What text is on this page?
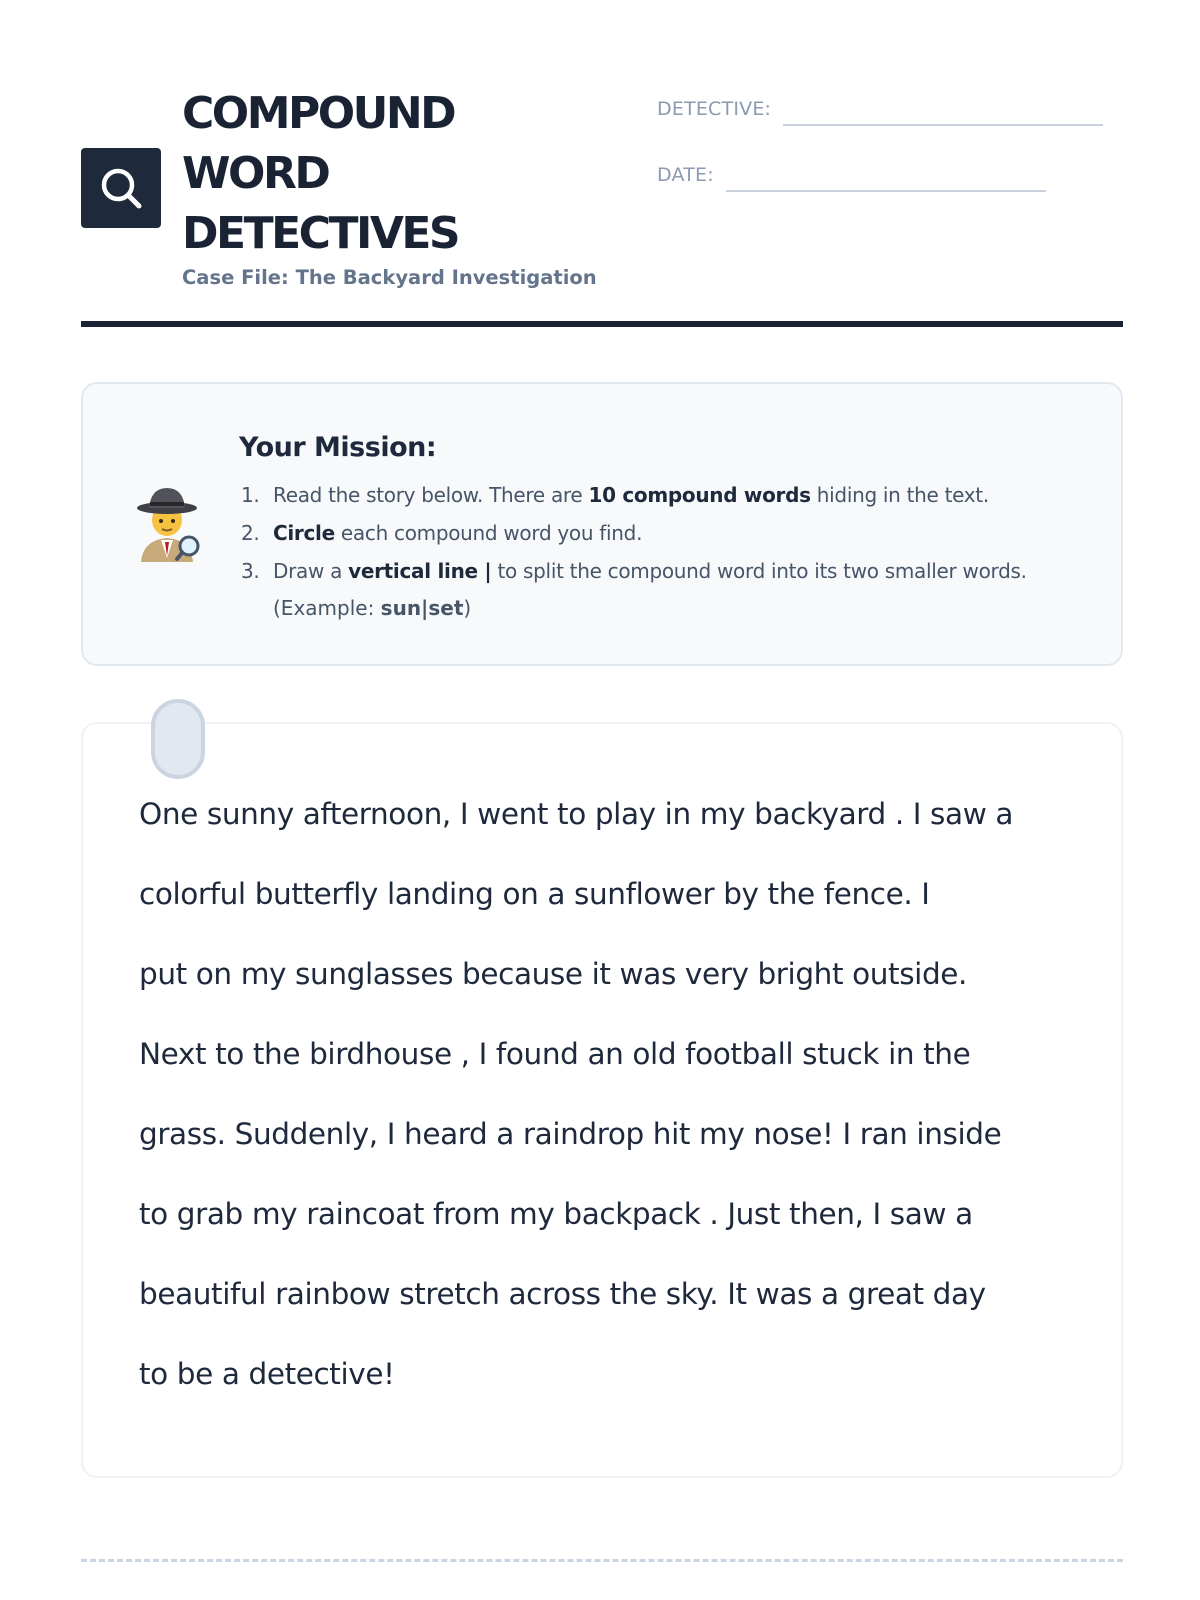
COMPOUND
WORD
DETECTIVES
Case File: The Backyard Investigation
DETECTIVE:
DATE:
Your Mission:
1. Read the story below. There are 10 compound words hiding in the text.
2. Circle each compound word you find.
3. Draw a vertical line | to split the compound word into its two smaller words.
(Example: sun|set)
One sunny afternoon, I went to play in my backyard . I saw a
colorful butterfly landing on a sunflower by the fence. I
put on my sunglasses because it was very bright outside.
Next to the birdhouse , I found an old football stuck in the
grass. Suddenly, I heard a raindrop hit my nose! I ran inside
to grab my raincoat from my backpack . Just then, I saw a
beautiful rainbow stretch across the sky. It was a great day
to be a detective!
